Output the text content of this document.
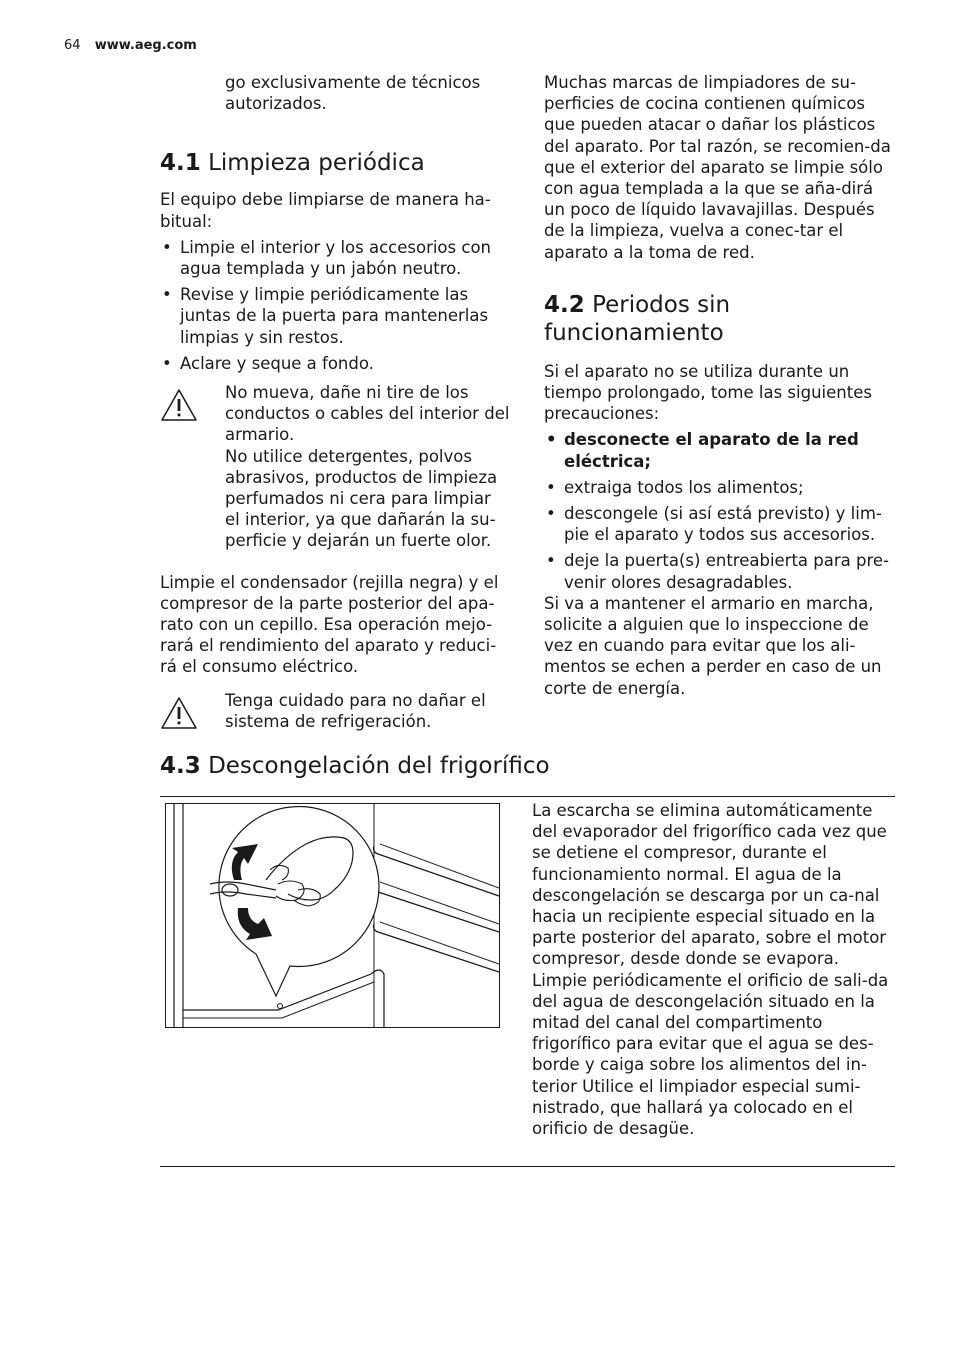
64 www.aeg.com

go exclusivamente de técnicos autorizados.

4.1 Limpieza periódica

El equipo debe limpiarse de manera ha-bitual:

• Limpie el interior y los accesorios con agua templada y un jabón neutro.
• Revise y limpie periódicamente las juntas de la puerta para mantenerlas limpias y sin restos.
• Aclare y seque a fondo.

No mueva, dañe ni tire de los conductos o cables del interior del armario.

No utilice detergentes, polvos abrasivos, productos de limpieza perfumados ni cera para limpiar el interior, ya que dañarán la su-perficie y dejarán un fuerte olor.

Limpie el condensador (rejilla negra) y el compresor de la parte posterior del apa-rato con un cepillo. Esa operación mejo-rará el rendimiento del aparato y reduci-rá el consumo eléctrico.

Tenga cuidado para no dañar el sistema de refrigeración.

Muchas marcas de limpiadores de su-perficies de cocina contienen químicos que pueden atacar o dañar los plásticos del aparato. Por tal razón, se recomien-da que el exterior del aparato se limpie sólo con agua templada a la que se aña-dirá un poco de líquido lavavajillas. Después de la limpieza, vuelva a conec-tar el aparato a la toma de red.

4.2 Periodos sin funcionamiento

Si el aparato no se utiliza durante un tiempo prolongado, tome las siguientes precauciones:

• desconecte el aparato de la red eléctrica;
• extraiga todos los alimentos;
• descongele (si así está previsto) y lim-pie el aparato y todos sus accesorios.
• deje la puerta(s) entreabierta para pre-venir olores desagradables.

Si va a mantener el armario en marcha, solicite a alguien que lo inspeccione de vez en cuando para evitar que los ali-mentos se echen a perder en caso de un corte de energía.

4.3 Descongelación del frigorífico

La escarcha se elimina automáticamente del evaporador del frigorífico cada vez que se detiene el compresor, durante el funcionamiento normal. El agua de la descongelación se descarga por un ca-nal hacia un recipiente especial situado en la parte posterior del aparato, sobre el motor compresor, desde donde se evapora.

Limpie periódicamente el orificio de sali-da del agua de descongelación situado en la mitad del canal del compartimento frigorífico para evitar que el agua se des-borde y caiga sobre los alimentos del in-terior Utilice el limpiador especial sumi-nistrado, que hallará ya colocado en el orificio de desagüe.
